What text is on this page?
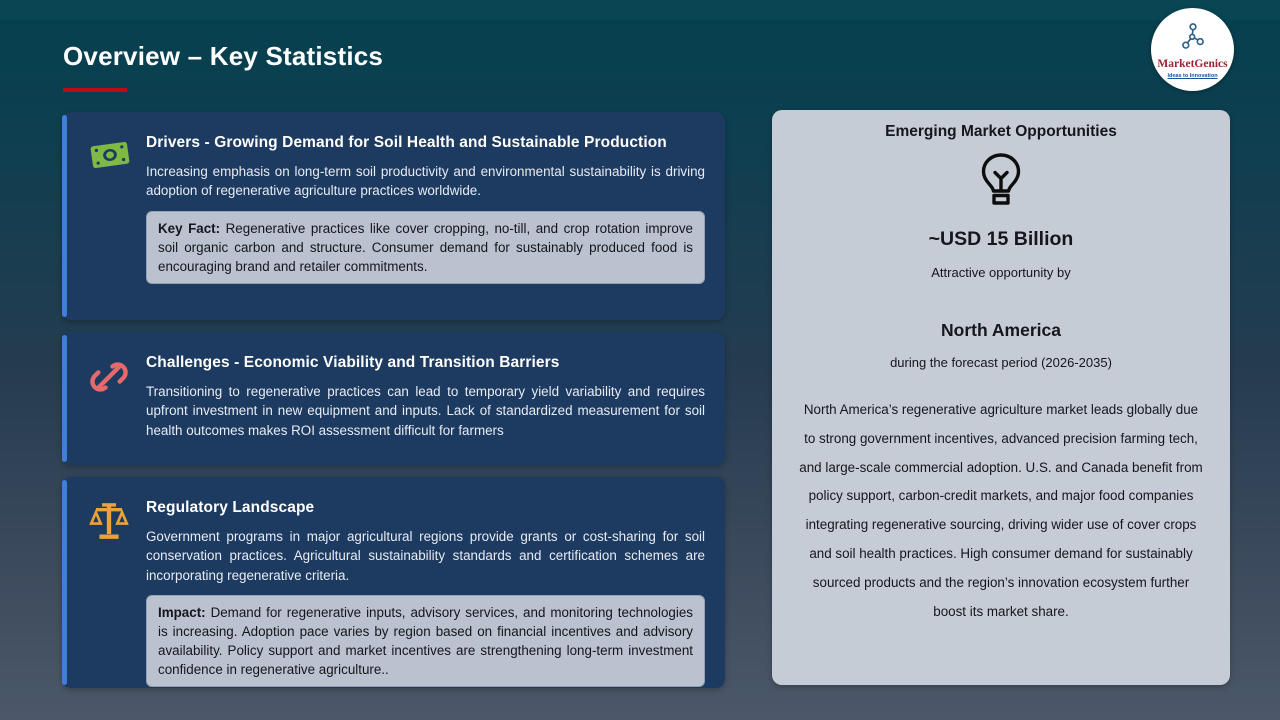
Overview – Key Statistics	MarketGenics
Ideas to Innovation
Drivers - Growing Demand for Soil Health and Sustainable Production

Increasing emphasis on long-term soil productivity and environmental sustainability is driving adoption of regenerative agriculture practices worldwide.

Key Fact: Regenerative practices like cover cropping, no-till, and crop rotation improve soil organic carbon and structure. Consumer demand for sustainably produced food is encouraging brand and retailer commitments.
Challenges - Economic Viability and Transition Barriers

Transitioning to regenerative practices can lead to temporary yield variability and requires upfront investment in new equipment and inputs. Lack of standardized measurement for soil health outcomes makes ROI assessment difficult for farmers

Regulatory Landscape

Government programs in major agricultural regions provide grants or cost-sharing for soil conservation practices. Agricultural sustainability standards and certification schemes are incorporating regenerative criteria.

Impact: Demand for regenerative inputs, advisory services, and monitoring technologies is increasing. Adoption pace varies by region based on financial incentives and advisory availability. Policy support and market incentives are strengthening long-term investment confidence in regenerative agriculture..
Emerging Market Opportunities
~USD 15 Billion
Attractive opportunity by
North America
during the forecast period (2026-2035)

North America’s regenerative agriculture market leads globally due to strong government incentives, advanced precision farming tech, and large-scale commercial adoption. U.S. and Canada benefit from policy support, carbon-credit markets, and major food companies integrating regenerative sourcing, driving wider use of cover crops and soil health practices. High consumer demand for sustainably sourced products and the region’s innovation ecosystem further boost its market share.
